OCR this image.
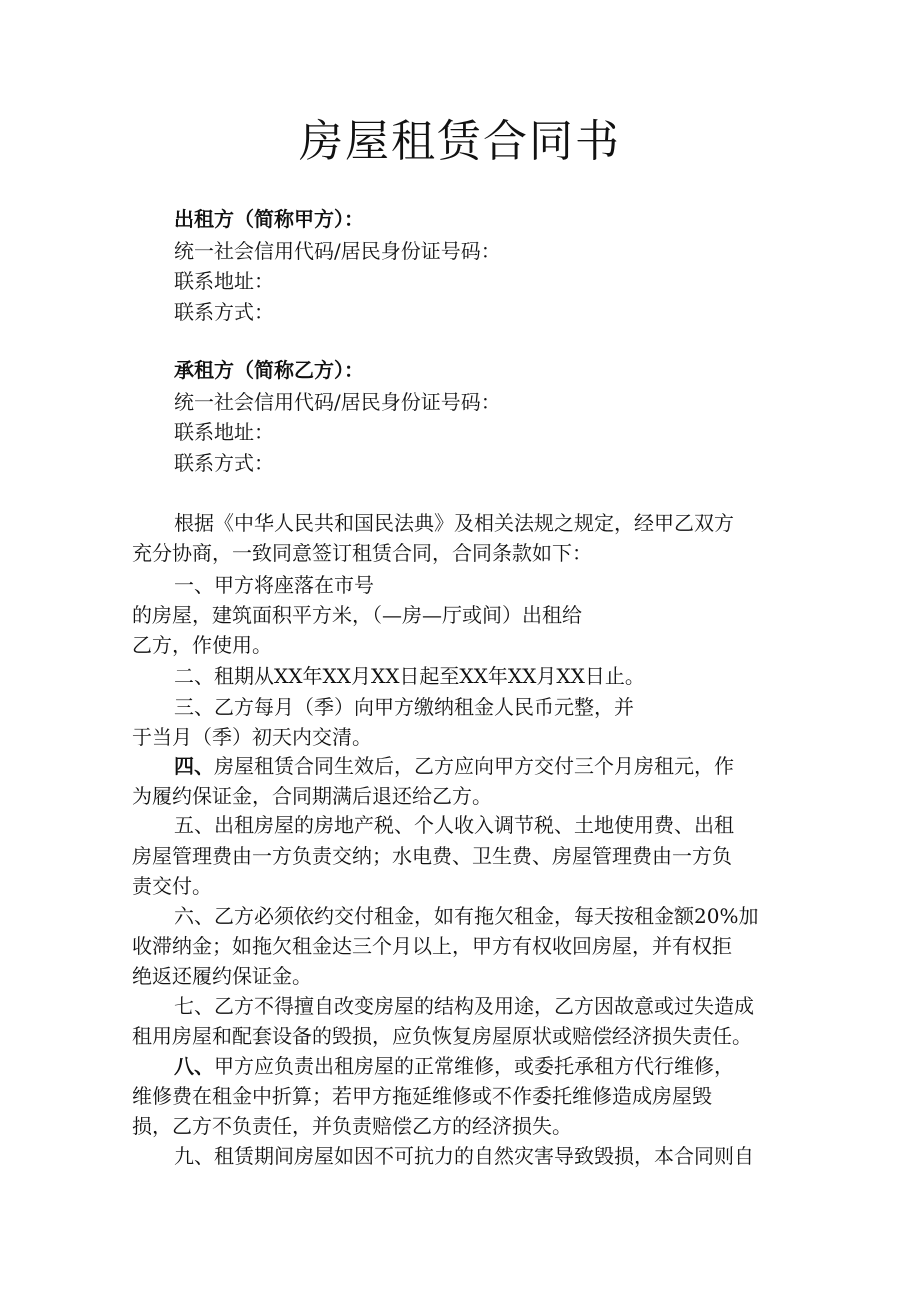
房屋租赁合同书

出租方（简称甲方）：

统一社会信用代码/居民身份证号码：

联系地址：

联系方式：

承租方（简称乙方）：

统一社会信用代码/居民身份证号码：

联系地址：

联系方式：

根据《中华人民共和国民法典》及相关法规之规定，经甲乙双方

充分协商，一致同意签订租赁合同，合同条款如下：

一、甲方将座落在市号

的房屋，建筑面积平方米，（—房—厅或间）出租给

乙方，作使用。

二、租期从XX年XX月XX日起至XX年XX月XX日止。

三、乙方每月（季）向甲方缴纳租金人民币元整，并

于当月（季）初天内交清。

四、房屋租赁合同生效后，乙方应向甲方交付三个月房租元，作

为履约保证金，合同期满后退还给乙方。

五、出租房屋的房地产税、个人收入调节税、土地使用费、出租

房屋管理费由一方负责交纳；水电费、卫生费、房屋管理费由一方负

责交付。

六、乙方必须依约交付租金，如有拖欠租金，每天按租金额20%加

收滞纳金；如拖欠租金达三个月以上，甲方有权收回房屋，并有权拒

绝返还履约保证金。

七、乙方不得擅自改变房屋的结构及用途，乙方因故意或过失造成

租用房屋和配套设备的毁损，应负恢复房屋原状或赔偿经济损失责任。

八、甲方应负责出租房屋的正常维修，或委托承租方代行维修，

维修费在租金中折算；若甲方拖延维修或不作委托维修造成房屋毁

损，乙方不负责任，并负责赔偿乙方的经济损失。

九、租赁期间房屋如因不可抗力的自然灾害导致毁损，本合同则自
